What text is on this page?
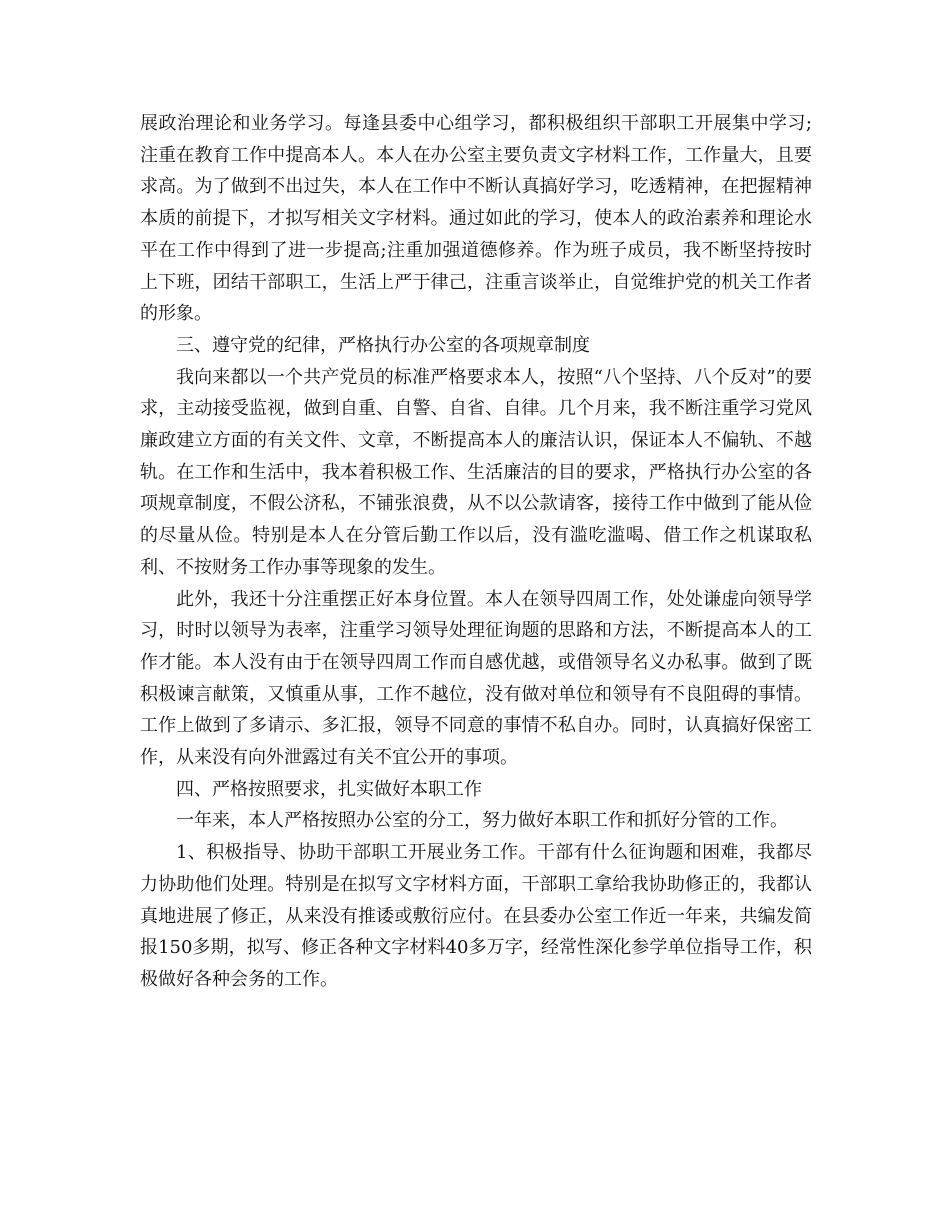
展政治理论和业务学习。每逢县委中心组学习，都积极组织干部职工开展集中学习;注重在教育工作中提高本人。本人在办公室主要负责文字材料工作，工作量大，且要求高。为了做到不出过失，本人在工作中不断认真搞好学习，吃透精神，在把握精神本质的前提下，才拟写相关文字材料。通过如此的学习，使本人的政治素养和理论水平在工作中得到了进一步提高;注重加强道德修养。作为班子成员，我不断坚持按时上下班，团结干部职工，生活上严于律己，注重言谈举止，自觉维护党的机关工作者的形象。

三、遵守党的纪律，严格执行办公室的各项规章制度

我向来都以一个共产党员的标准严格要求本人，按照“八个坚持、八个反对”的要求，主动接受监视，做到自重、自警、自省、自律。几个月来，我不断注重学习党风廉政建立方面的有关文件、文章，不断提高本人的廉洁认识，保证本人不偏轨、不越轨。在工作和生活中，我本着积极工作、生活廉洁的目的要求，严格执行办公室的各项规章制度，不假公济私，不铺张浪费，从不以公款请客，接待工作中做到了能从俭的尽量从俭。特别是本人在分管后勤工作以后，没有滥吃滥喝、借工作之机谋取私利、不按财务工作办事等现象的发生。

此外，我还十分注重摆正好本身位置。本人在领导四周工作，处处谦虚向领导学习，时时以领导为表率，注重学习领导处理征询题的思路和方法，不断提高本人的工作才能。本人没有由于在领导四周工作而自感优越，或借领导名义办私事。做到了既积极谏言献策，又慎重从事，工作不越位，没有做对单位和领导有不良阻碍的事情。工作上做到了多请示、多汇报，领导不同意的事情不私自办。同时，认真搞好保密工作，从来没有向外泄露过有关不宜公开的事项。

四、严格按照要求，扎实做好本职工作

一年来，本人严格按照办公室的分工，努力做好本职工作和抓好分管的工作。

1、积极指导、协助干部职工开展业务工作。干部有什么征询题和困难，我都尽力协助他们处理。特别是在拟写文字材料方面，干部职工拿给我协助修正的，我都认真地进展了修正，从来没有推诿或敷衍应付。在县委办公室工作近一年来，共编发简报150多期，拟写、修正各种文字材料40多万字，经常性深化参学单位指导工作，积极做好各种会务的工作。
